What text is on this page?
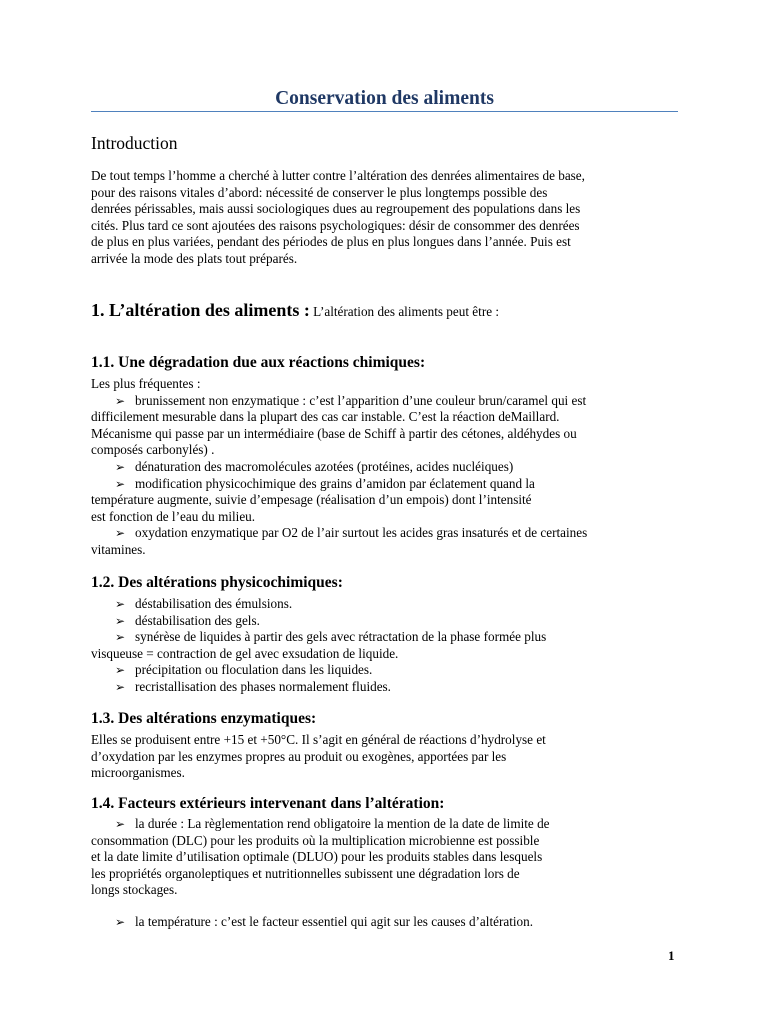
Conservation des aliments
Introduction
De tout temps l’homme a cherché à lutter contre l’altération des denrées alimentaires de base,
pour des raisons vitales d’abord: nécessité de conserver le plus longtemps possible des
denrées périssables, mais aussi sociologiques dues au regroupement des populations dans les
cités. Plus tard ce sont ajoutées des raisons psychologiques: désir de consommer des denrées
de plus en plus variées, pendant des périodes de plus en plus longues dans l’année. Puis est
arrivée la mode des plats tout préparés.
1. L’altération des aliments : L’altération des aliments peut être :
1.1. Une dégradation due aux réactions chimiques:
Les plus fréquentes :
➢ brunissement non enzymatique : c’est l’apparition d’une couleur brun/caramel qui est
difficilement mesurable dans la plupart des cas car instable. C’est la réaction deMaillard.
Mécanisme qui passe par un intermédiaire (base de Schiff à partir des cétones, aldéhydes ou
composés carbonylés) .
➢ dénaturation des macromolécules azotées (protéines, acides nucléiques)
➢ modification physicochimique des grains d’amidon par éclatement quand la
température augmente, suivie d’empesage (réalisation d’un empois) dont l’intensité
est fonction de l’eau du milieu.
➢ oxydation enzymatique par O2 de l’air surtout les acides gras insaturés et de certaines
vitamines.
1.2. Des altérations physicochimiques:
➢ déstabilisation des émulsions.
➢ déstabilisation des gels.
➢ synérèse de liquides à partir des gels avec rétractation de la phase formée plus
visqueuse = contraction de gel avec exsudation de liquide.
➢ précipitation ou floculation dans les liquides.
➢ recristallisation des phases normalement fluides.
1.3. Des altérations enzymatiques:
Elles se produisent entre +15 et +50°C. Il s’agit en général de réactions d’hydrolyse et
d’oxydation par les enzymes propres au produit ou exogènes, apportées par les
microorganismes.
1.4. Facteurs extérieurs intervenant dans l’altération:
➢ la durée : La règlementation rend obligatoire la mention de la date de limite de
consommation (DLC) pour les produits où la multiplication microbienne est possible
et la date limite d’utilisation optimale (DLUO) pour les produits stables dans lesquels
les propriétés organoleptiques et nutritionnelles subissent une dégradation lors de
longs stockages.
➢ la température : c’est le facteur essentiel qui agit sur les causes d’altération.
1
